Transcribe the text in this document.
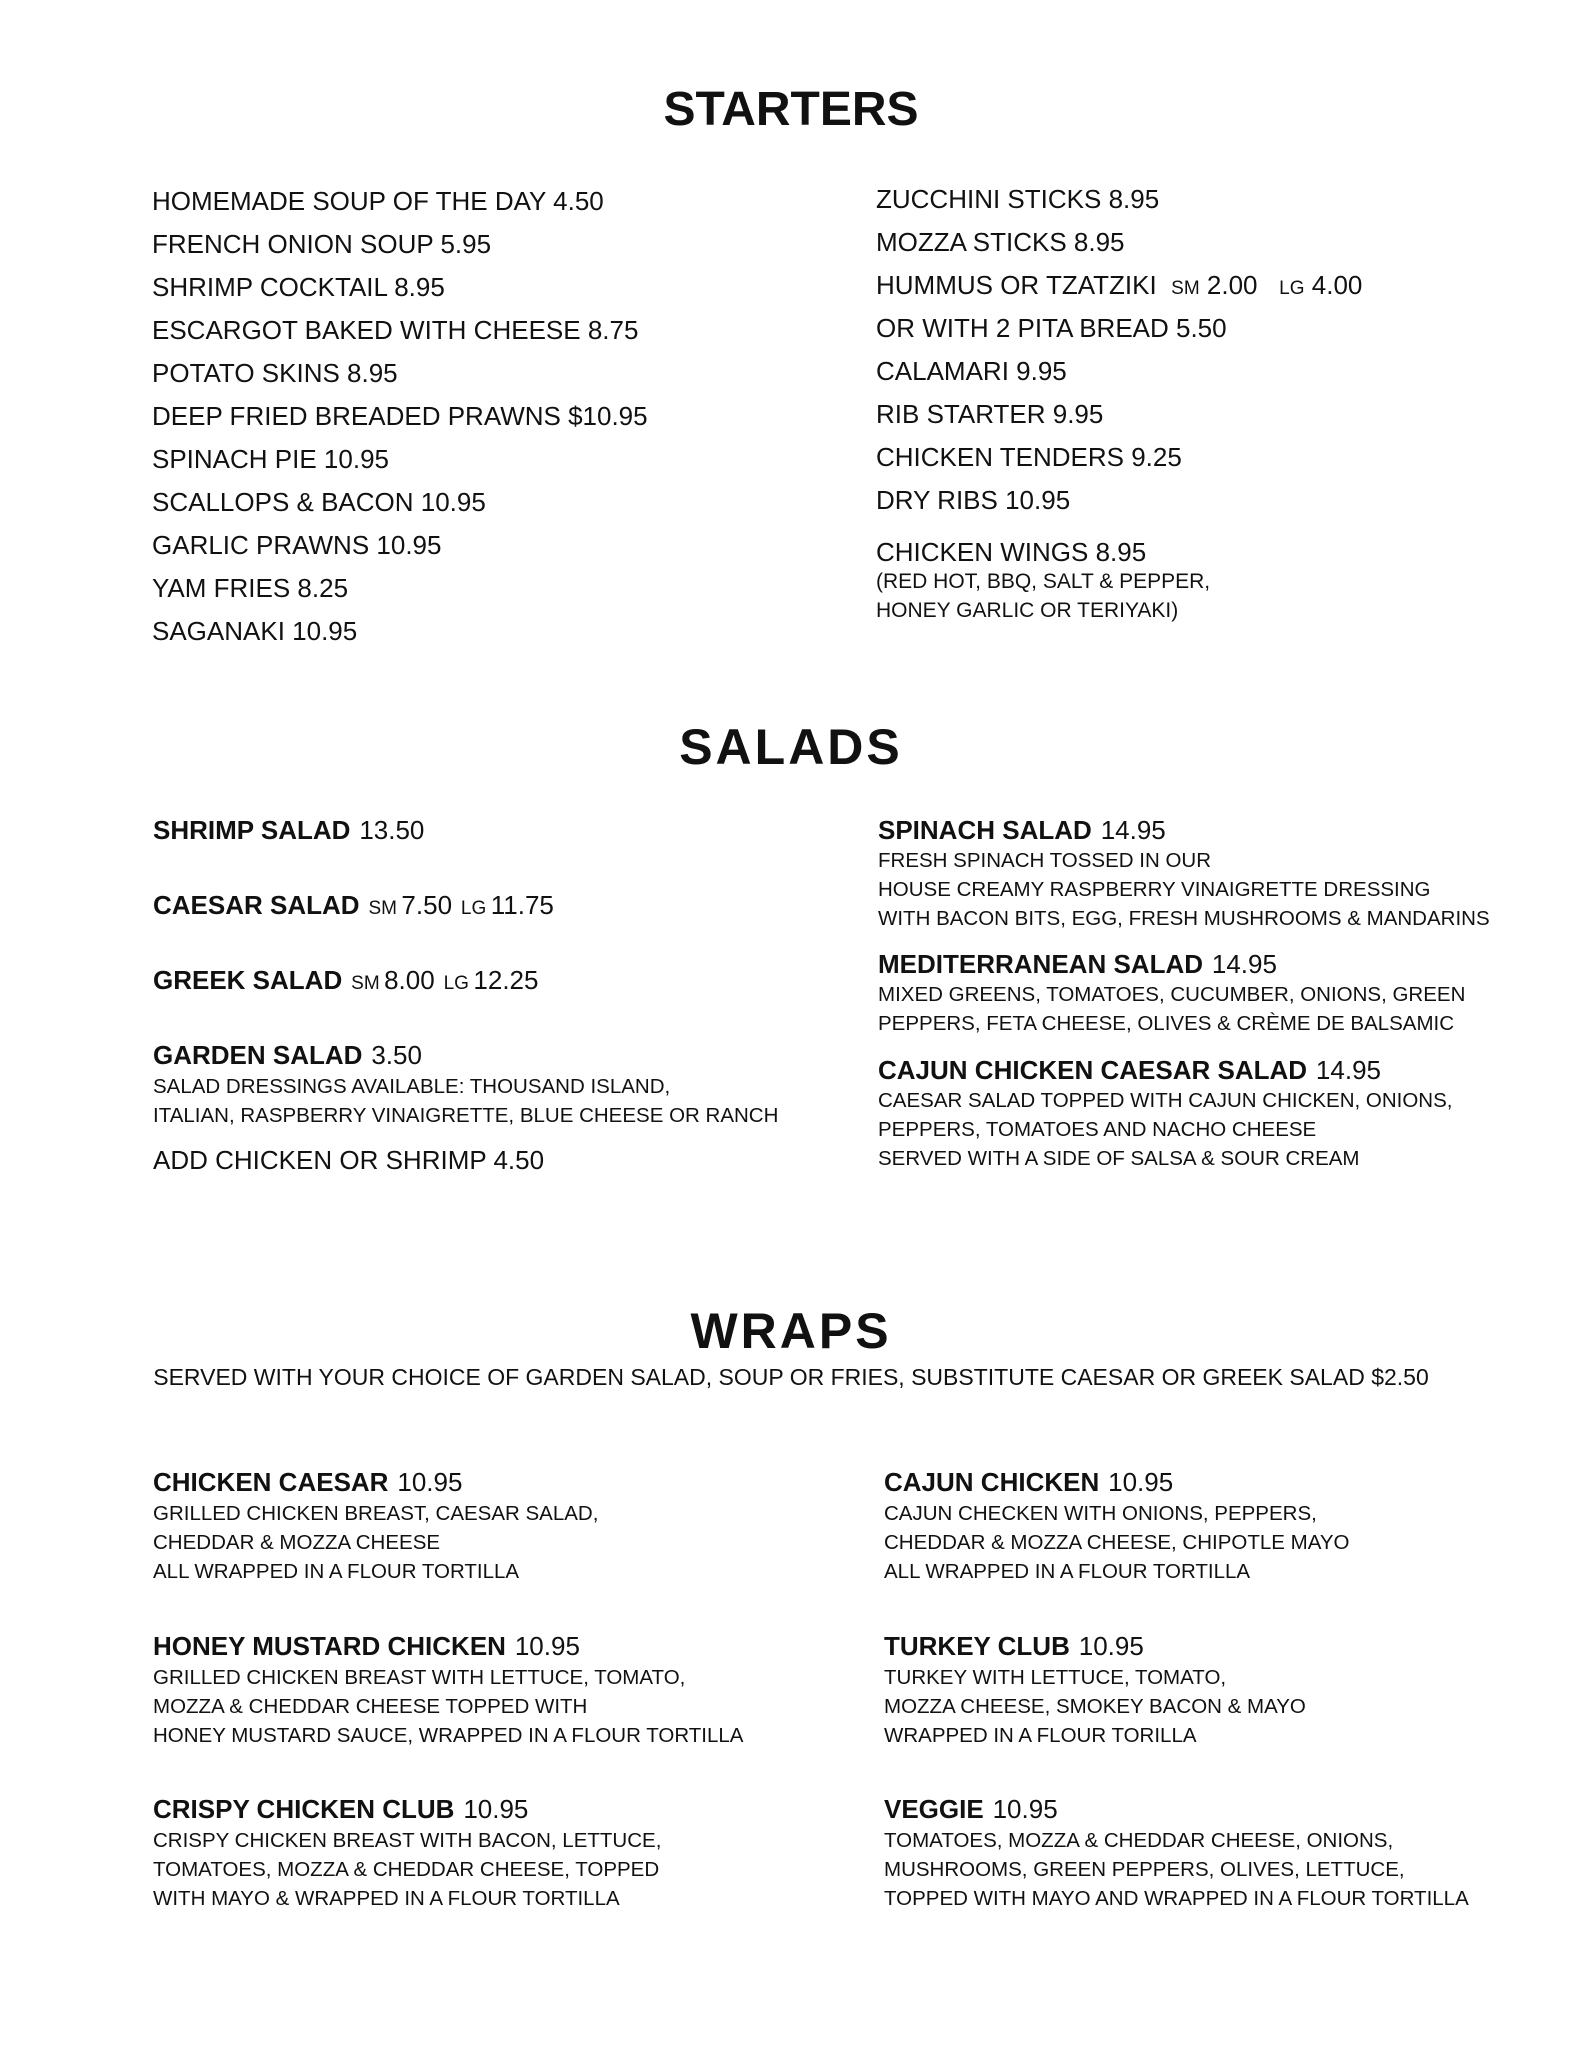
STARTERS
HOMEMADE SOUP OF THE DAY 4.50
FRENCH ONION SOUP 5.95
SHRIMP COCKTAIL 8.95
ESCARGOT BAKED WITH CHEESE 8.75
POTATO SKINS 8.95
DEEP FRIED BREADED PRAWNS $10.95
SPINACH PIE 10.95
SCALLOPS & BACON 10.95
GARLIC PRAWNS 10.95
YAM FRIES 8.25
SAGANAKI 10.95
ZUCCHINI STICKS 8.95
MOZZA STICKS 8.95
HUMMUS OR TZATZIKI SM 2.00 LG 4.00
OR WITH 2 PITA BREAD 5.50
CALAMARI 9.95
RIB STARTER 9.95
CHICKEN TENDERS 9.25
DRY RIBS 10.95
CHICKEN WINGS 8.95
(RED HOT, BBQ, SALT & PEPPER,
HONEY GARLIC OR TERIYAKI)
SALADS
SHRIMP SALAD 13.50
CAESAR SALAD SM 7.50 LG 11.75
GREEK SALAD SM 8.00 LG 12.25
GARDEN SALAD 3.50
SALAD DRESSINGS AVAILABLE: THOUSAND ISLAND,
ITALIAN, RASPBERRY VINAIGRETTE, BLUE CHEESE OR RANCH
ADD CHICKEN OR SHRIMP 4.50
SPINACH SALAD 14.95
FRESH SPINACH TOSSED IN OUR
HOUSE CREAMY RASPBERRY VINAIGRETTE DRESSING
WITH BACON BITS, EGG, FRESH MUSHROOMS & MANDARINS
MEDITERRANEAN SALAD 14.95
MIXED GREENS, TOMATOES, CUCUMBER, ONIONS, GREEN
PEPPERS, FETA CHEESE, OLIVES & CRÈME DE BALSAMIC
CAJUN CHICKEN CAESAR SALAD 14.95
CAESAR SALAD TOPPED WITH CAJUN CHICKEN, ONIONS,
PEPPERS, TOMATOES AND NACHO CHEESE
SERVED WITH A SIDE OF SALSA & SOUR CREAM
WRAPS
SERVED WITH YOUR CHOICE OF GARDEN SALAD, SOUP OR FRIES, SUBSTITUTE CAESAR OR GREEK SALAD $2.50
CHICKEN CAESAR 10.95
GRILLED CHICKEN BREAST, CAESAR SALAD,
CHEDDAR & MOZZA CHEESE
ALL WRAPPED IN A FLOUR TORTILLA
CAJUN CHICKEN 10.95
CAJUN CHECKEN WITH ONIONS, PEPPERS,
CHEDDAR & MOZZA CHEESE, CHIPOTLE MAYO
ALL WRAPPED IN A FLOUR TORTILLA
HONEY MUSTARD CHICKEN 10.95
GRILLED CHICKEN BREAST WITH LETTUCE, TOMATO,
MOZZA & CHEDDAR CHEESE TOPPED WITH
HONEY MUSTARD SAUCE, WRAPPED IN A FLOUR TORTILLA
TURKEY CLUB 10.95
TURKEY WITH LETTUCE, TOMATO,
MOZZA CHEESE, SMOKEY BACON & MAYO
WRAPPED IN A FLOUR TORILLA
CRISPY CHICKEN CLUB 10.95
CRISPY CHICKEN BREAST WITH BACON, LETTUCE,
TOMATOES, MOZZA & CHEDDAR CHEESE, TOPPED
WITH MAYO & WRAPPED IN A FLOUR TORTILLA
VEGGIE 10.95
TOMATOES, MOZZA & CHEDDAR CHEESE, ONIONS,
MUSHROOMS, GREEN PEPPERS, OLIVES, LETTUCE,
TOPPED WITH MAYO AND WRAPPED IN A FLOUR TORTILLA
